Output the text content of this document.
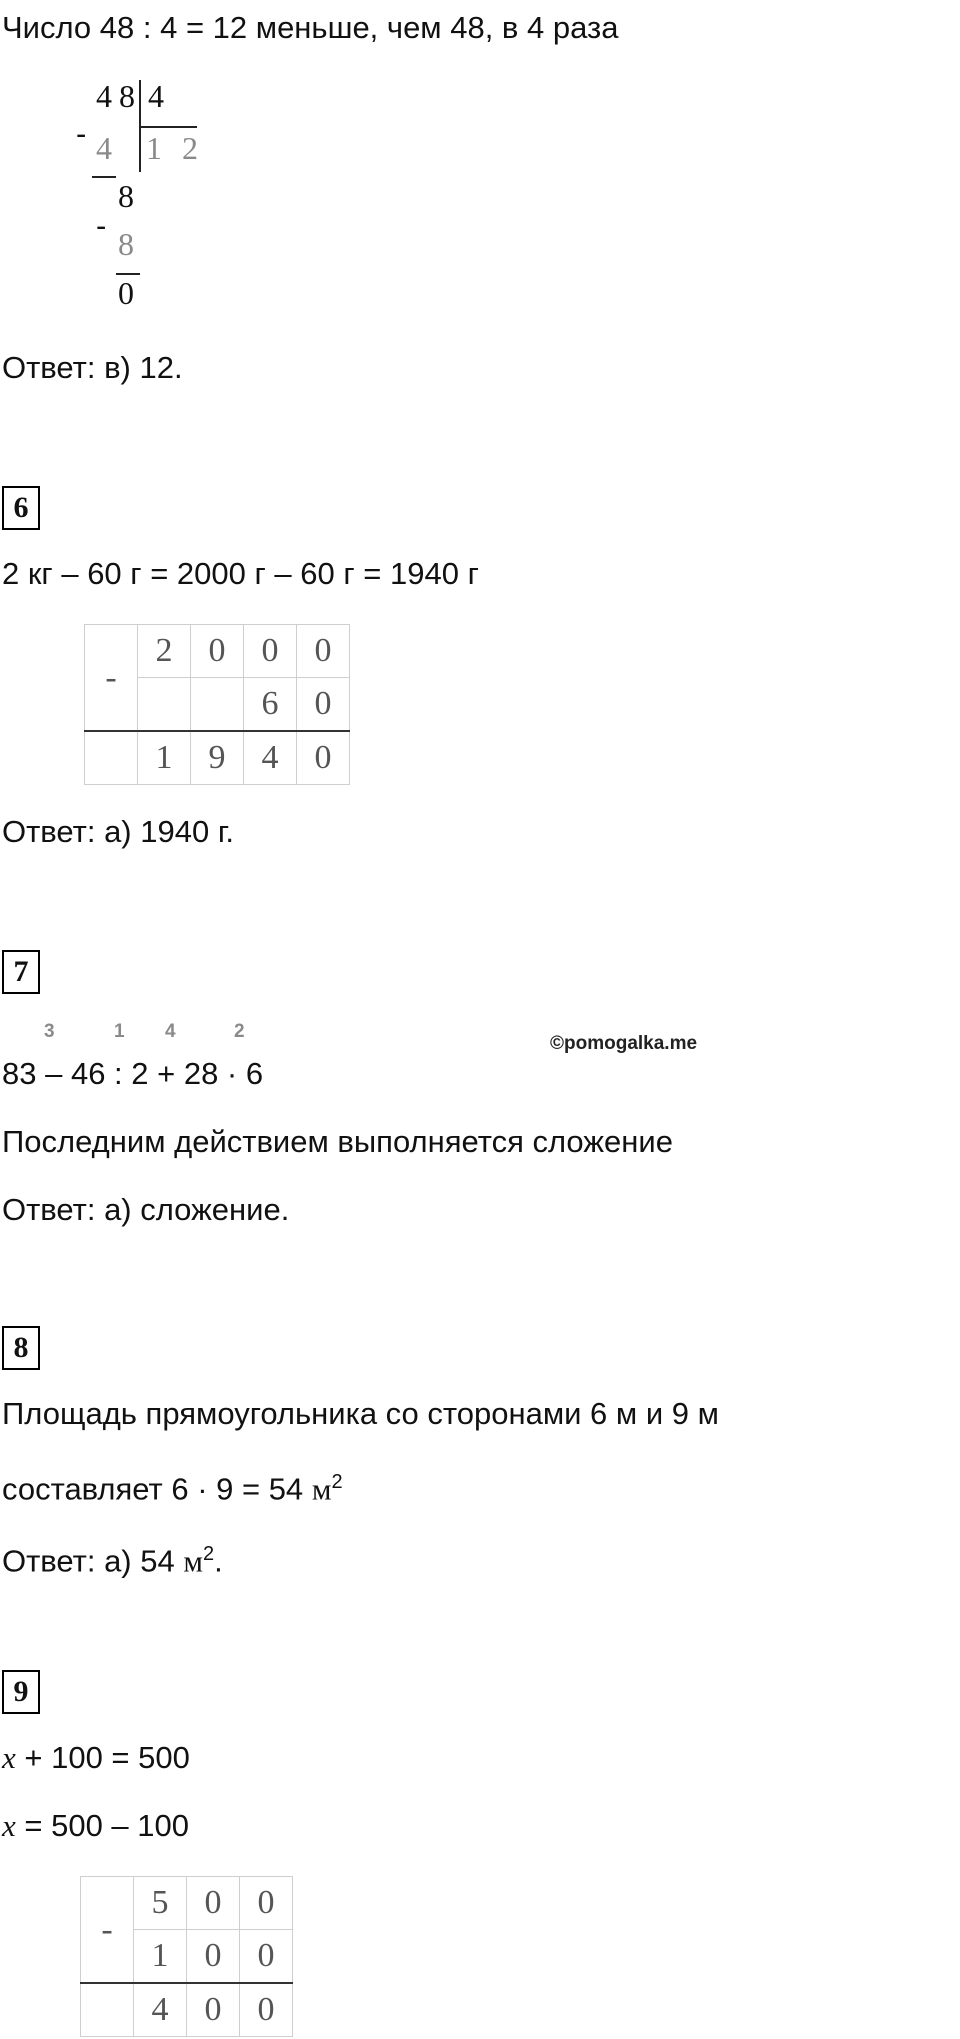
Число 48 : 4 = 12 меньше, чем 48, в 4 раза
4 8 4
1 2
- 4
8
-
8
0
Ответ: в) 12.
6
2 кг – 60 г = 2000 г – 60 г = 1940 г
-	2	0	0	0
			6	0
	1	9	4	0
Ответ: а) 1940 г.
7
3	1 4	2
©pomogalka.me
83 – 46 : 2 + 28 · 6
Последним действием выполняется сложение
Ответ: а) сложение.
8
Площадь прямоугольника со сторонами 6 м и 9 м
составляет 6 · 9 = 54 $м^2$
Ответ: а) 54 $м^2$.
9
x + 100 = 500
x = 500 – 100
-	5	0	0
	1	0	0
	4	0	0
